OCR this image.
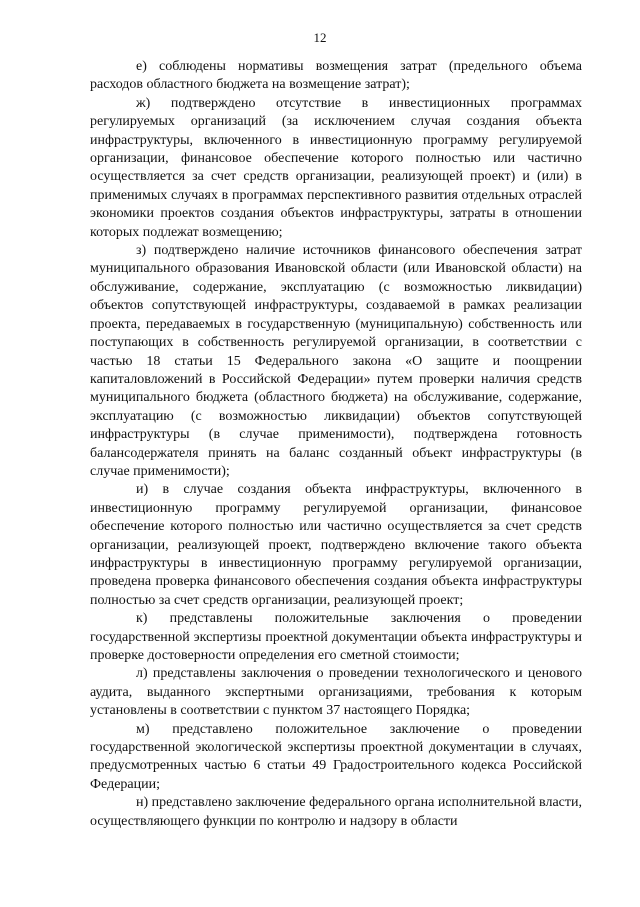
12

е) соблюдены нормативы возмещения затрат (предельного объема расходов областного бюджета на возмещение затрат);

ж) подтверждено отсутствие в инвестиционных программах регулируемых организаций (за исключением случая создания объекта инфраструктуры, включенного в инвестиционную программу регулируемой организации, финансовое обеспечение которого полностью или частично осуществляется за счет средств организации, реализующей проект) и (или) в применимых случаях в программах перспективного развития отдельных отраслей экономики проектов создания объектов инфраструктуры, затраты в отношении которых подлежат возмещению;

з) подтверждено наличие источников финансового обеспечения затрат муниципального образования Ивановской области (или Ивановской области) на обслуживание, содержание, эксплуатацию (с возможностью ликвидации) объектов сопутствующей инфраструктуры, создаваемой в рамках реализации проекта, передаваемых в государственную (муниципальную) собственность или поступающих в собственность регулируемой организации, в соответствии с частью 18 статьи 15 Федерального закона «О защите и поощрении капиталовложений в Российской Федерации» путем проверки наличия средств муниципального бюджета (областного бюджета) на обслуживание, содержание, эксплуатацию (с возможностью ликвидации) объектов сопутствующей инфраструктуры (в случае применимости), подтверждена готовность балансодержателя принять на баланс созданный объект инфраструктуры (в случае применимости);

и) в случае создания объекта инфраструктуры, включенного в инвестиционную программу регулируемой организации, финансовое обеспечение которого полностью или частично осуществляется за счет средств организации, реализующей проект, подтверждено включение такого объекта инфраструктуры в инвестиционную программу регулируемой организации, проведена проверка финансового обеспечения создания объекта инфраструктуры полностью за счет средств организации, реализующей проект;

к) представлены положительные заключения о проведении государственной экспертизы проектной документации объекта инфраструктуры и проверке достоверности определения его сметной стоимости;

л) представлены заключения о проведении технологического и ценового аудита, выданного экспертными организациями, требования к которым установлены в соответствии с пунктом 37 настоящего Порядка;

м) представлено положительное заключение о проведении государственной экологической экспертизы проектной документации в случаях, предусмотренных частью 6 статьи 49 Градостроительного кодекса Российской Федерации;

н) представлено заключение федерального органа исполнительной власти, осуществляющего функции по контролю и надзору в области
